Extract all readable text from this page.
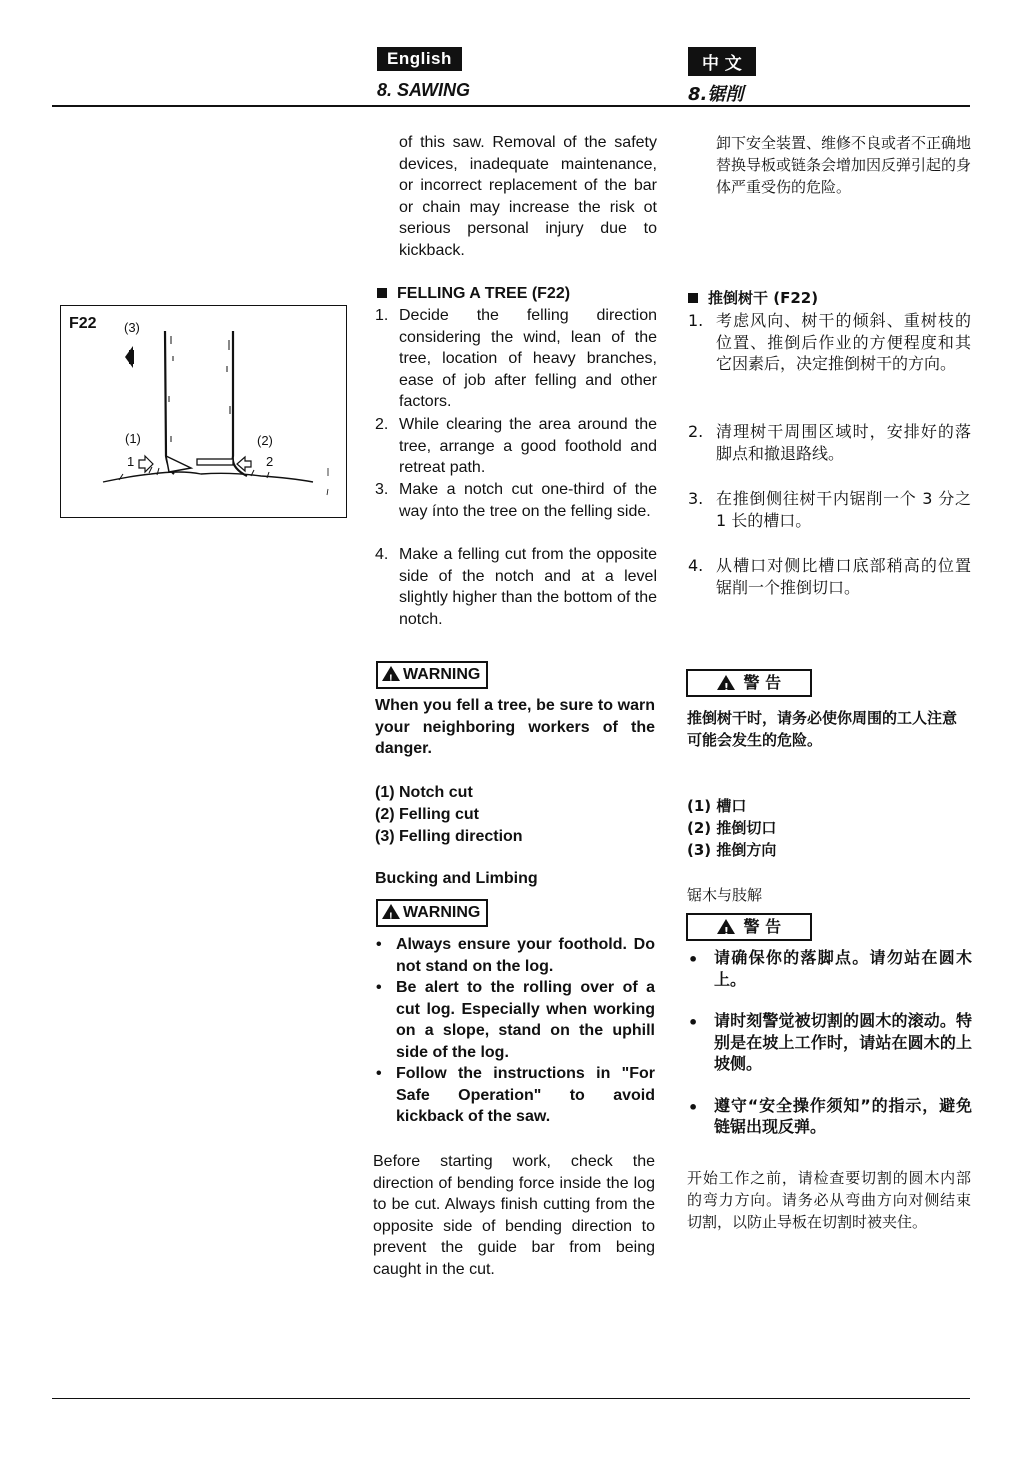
English
8. SAWING
中 文
8.锯削
F22 (3)
(1)	(2)
1	2
of this saw. Removal of the safety devices, inadequate maintenance, or incorrect replacement of the bar or chain may increase the risk ot serious personal injury due to kickback.
FELLING A TREE (F22)
1. Decide the felling direction considering the wind, lean of the tree, location of heavy branches, ease of job after felling and other factors.
2. While clearing the area around the tree, arrange a good foothold and retreat path.
3. Make a notch cut one-third of the way ínto the tree on the felling side.
4. Make a felling cut from the opposite side of the notch and at a level slightly higher than the bottom of the notch.
!WARNING
When you fell a tree, be sure to warn your neighboring workers of the danger.
(1) Notch cut
(2) Felling cut
(3) Felling direction
Bucking and Limbing
!WARNING
• Always ensure your foothold. Do not stand on the log.
• Be alert to the rolling over of a cut log. Especially when working on a slope, stand on the uphill side of the log.
• Follow the instructions in "For Safe Operation" to avoid kickback of the saw.
Before starting work, check the direction of bending force inside the log to be cut. Always finish cutting from the opposite side of bending direction to prevent the guide bar from being caught in the cut.
卸下安全装置、维修不良或者不正确地替换导板或链条会增加因反弹引起的身体严重受伤的危险。
推倒树干 (F22)
1. 考虑风向、树干的倾斜、重树枝的位置、推倒后作业的方便程度和其它因素后，决定推倒树干的方向。
2. 清理树干周围区域时，安排好的落脚点和撤退路线。
3. 在推倒侧往树干内锯削一个 3 分之 1 长的槽口。
4. 从槽口对侧比槽口底部稍高的位置锯削一个推倒切口。
! 警 告
推倒树干时，请务必使你周围的工人注意可能会发生的危险。
(1) 槽口
(2) 推倒切口
(3) 推倒方向
锯木与肢解
! 警 告
• 请确保你的落脚点。请勿站在圆木上。
• 请时刻警觉被切割的圆木的滚动。特别是在坡上工作时，请站在圆木的上坡侧。
• 遵守“安全操作须知”的指示，避免链锯出现反弹。
开始工作之前，请检查要切割的圆木内部的弯力方向。请务必从弯曲方向对侧结束切割，以防止导板在切割时被夹住。
